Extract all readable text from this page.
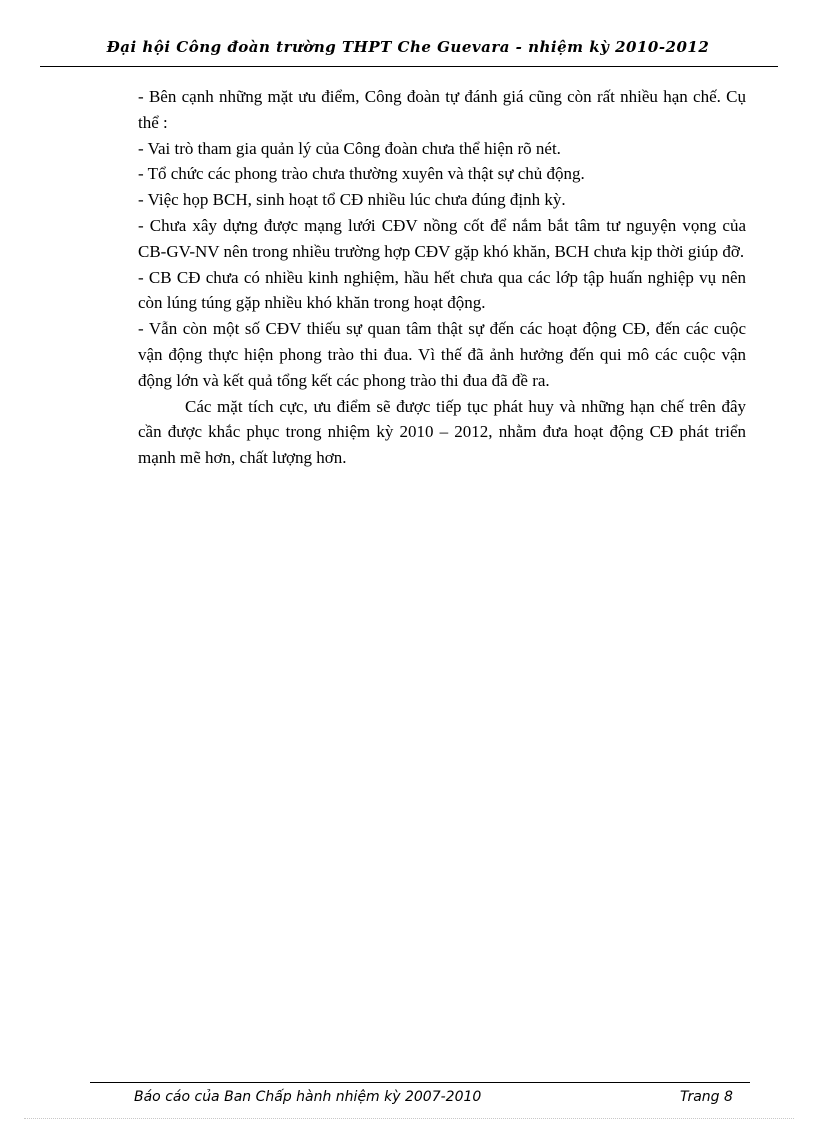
Đại hội Công đoàn trường THPT Che Guevara - nhiệm kỳ 2010-2012

- Bên cạnh những mặt ưu điểm, Công đoàn tự đánh giá cũng còn rất nhiều hạn chế. Cụ thể :

- Vai trò tham gia quản lý của Công đoàn chưa thể hiện rõ nét.

- Tổ chức các phong trào chưa thường xuyên và thật sự chủ động.

- Việc họp BCH, sinh hoạt tổ CĐ nhiều lúc chưa đúng định kỳ.

- Chưa xây dựng được mạng lưới CĐV nồng cốt để nắm bắt tâm tư nguyện vọng của CB-GV-NV nên trong nhiều trường hợp CĐV gặp khó khăn, BCH chưa kịp thời giúp đỡ.

- CB CĐ chưa có nhiều kinh nghiệm, hầu hết chưa qua các lớp tập huấn nghiệp vụ nên còn lúng túng gặp nhiều khó khăn trong hoạt động.

- Vẫn còn một số CĐV thiếu sự quan tâm thật sự đến các hoạt động CĐ, đến các cuộc vận động thực hiện phong trào thi đua. Vì thế đã ảnh hưởng đến qui mô các cuộc vận động lớn và kết quả tổng kết các phong trào thi đua đã đề ra.

Các mặt tích cực, ưu điểm sẽ được tiếp tục phát huy và những hạn chế trên đây cần được khắc phục trong nhiệm kỳ 2010 – 2012, nhằm đưa hoạt động CĐ phát triển mạnh mẽ hơn, chất lượng hơn.

Báo cáo của Ban Chấp hành nhiệm kỳ 2007-2010	Trang 8
